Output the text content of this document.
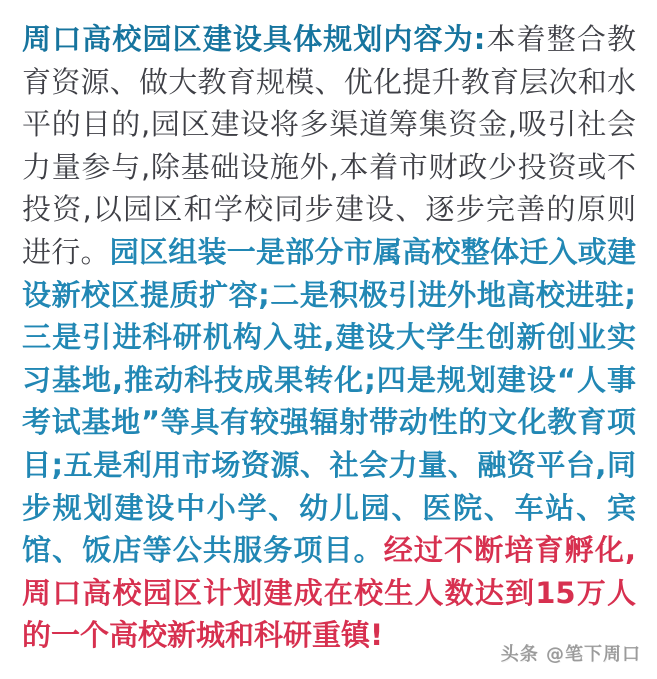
周口高校园区建设具体规划内容为:本着整合教育资源、做大教育规模、优化提升教育层次和水平的目的,园区建设将多渠道筹集资金,吸引社会力量参与,除基础设施外,本着市财政少投资或不投资,以园区和学校同步建设、逐步完善的原则进行。园区组装一是部分市属高校整体迁入或建设新校区提质扩容;二是积极引进外地高校进驻;三是引进科研机构入驻,建设大学生创新创业实习基地,推动科技成果转化;四是规划建设“人事考试基地”等具有较强辐射带动性的文化教育项目;五是利用市场资源、社会力量、融资平台,同步规划建设中小学、幼儿园、医院、车站、宾馆、饭店等公共服务项目。经过不断培育孵化,周口高校园区计划建成在校生人数达到15万人的一个高校新城和科研重镇!

头条 @笔下周口
